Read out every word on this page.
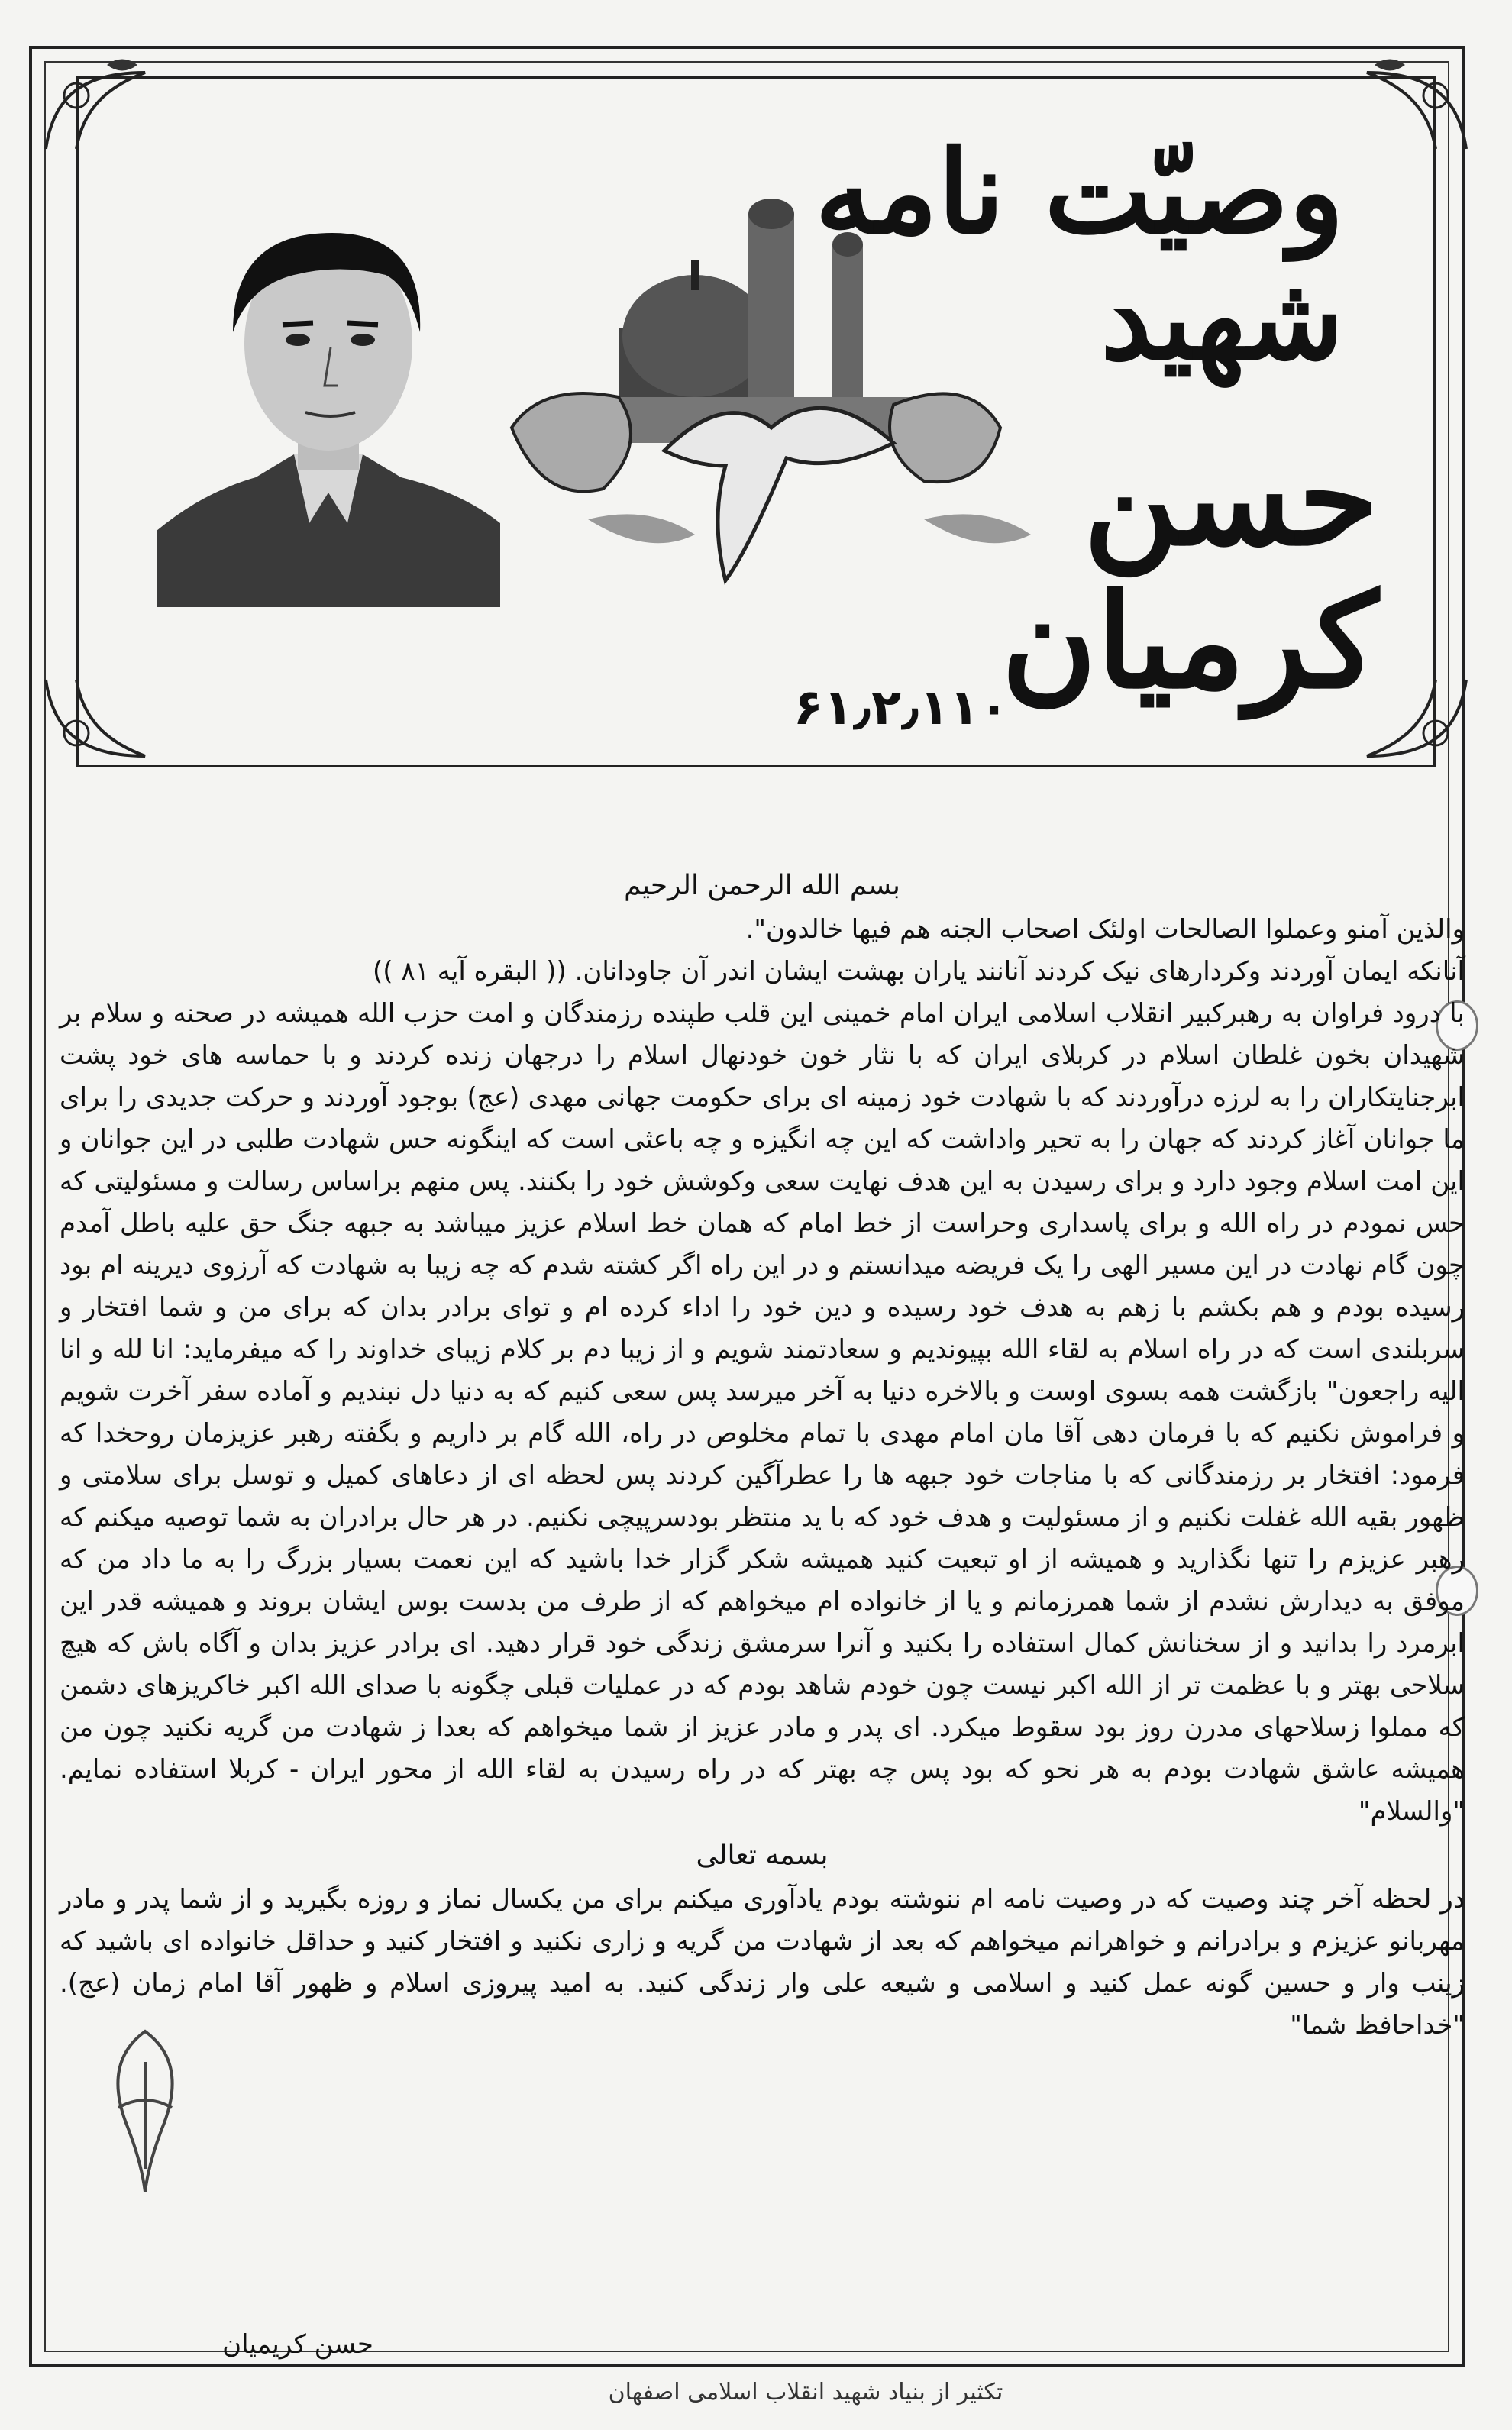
وصیّت نامه شهید
حسن کرمیان
۶۱٫۲٫۱۱۰

بسم الله الرحمن الرحیم

والذین آمنو وعملوا الصالحات اولئک اصحاب الجنه هم فیها خالدون".

آنانکه ایمان آوردند وکردارهای نیک کردند آنانند یاران بهشت ایشان اندر آن جاودانان. (( البقره آیه ۸۱ ))

با درود فراوان به رهبرکبیر انقلاب اسلامی ایران امام خمینی این قلب طپنده رزمندگان و امت حزب الله همیشه در صحنه و سلام بر شهیدان بخون غلطان اسلام در کربلای ایران که با نثار خون خودنهال اسلام را درجهان زنده کردند و با حماسه های خود پشت ابرجنایتکاران را به لرزه درآوردند که با شهادت خود زمینه ای برای حکومت جهانی مهدی (عج) بوجود آوردند و حرکت جدیدی را برای ما جوانان آغاز کردند که جهان را به تحیر واداشت که این چه انگیزه و چه باعثی است که اینگونه حس شهادت طلبی در این جوانان و این امت اسلام وجود دارد و برای رسیدن به این هدف نهایت سعی وکوشش خود را بکنند. پس منهم براساس رسالت و مسئولیتی که حس نمودم در راه الله و برای پاسداری وحراست از خط امام که همان خط اسلام عزیز میباشد به جبهه جنگ حق علیه باطل آمدم چون گام نهادت در این مسیر الهی را یک فریضه میدانستم و در این راه اگر کشته شدم که چه زیبا به شهادت که آرزوی دیرینه ام بود رسیده بودم و هم بکشم با زهم به هدف خود رسیده و دین خود را اداء کرده ام و توای برادر بدان که برای من و شما افتخار و سربلندی است که در راه اسلام به لقاء الله بپیوندیم و سعادتمند شویم و از زیبا دم بر کلام زیبای خداوند را که میفرماید: انا لله و انا الیه راجعون" بازگشت همه بسوی اوست و بالاخره دنیا به آخر میرسد پس سعی کنیم که به دنیا دل نبندیم و آماده سفر آخرت شویم و فراموش نکنیم که با فرمان دهی آقا مان امام مهدی با تمام مخلوص در راه، الله گام بر داریم و بگفته رهبر عزیزمان روحخدا که فرمود: افتخار بر رزمندگانی که با مناجات خود جبهه ها را عطرآگین کردند پس لحظه ای از دعاهای کمیل و توسل برای سلامتی و ظهور بقیه الله غفلت نکنیم و از مسئولیت و هدف خود که با ید منتظر بودسرپیچی نکنیم. در هر حال برادران به شما توصیه میکنم که رهبر عزیزم را تنها نگذارید و همیشه از او تبعیت کنید همیشه شکر گزار خدا باشید که این نعمت بسیار بزرگ را به ما داد من که موفق به دیدارش نشدم از شما همرزمانم و یا از خانواده ام میخواهم که از طرف من بدست بوس ایشان بروند و همیشه قدر این ابرمرد را بدانید و از سخنانش کمال استفاده را بکنید و آنرا سرمشق زندگی خود قرار دهید. ای برادر عزیز بدان و آگاه باش که هیچ سلاحی بهتر و با عظمت تر از الله اکبر نیست چون خودم شاهد بودم که در عملیات قبلی چگونه با صدای الله اکبر خاکریزهای دشمن که مملوا زسلاحهای مدرن روز بود سقوط میکرد. ای پدر و مادر عزیز از شما میخواهم که بعدا ز شهادت من گریه نکنید چون من همیشه عاشق شهادت بودم به هر نحو که بود پس چه بهتر که در راه رسیدن به لقاء الله از محور ایران - کربلا استفاده نمایم. "والسلام"

بسمه تعالی

در لحظه آخر چند وصیت که در وصیت نامه ام ننوشته بودم یادآوری میکنم برای من یکسال نماز و روزه بگیرید و از شما پدر و مادر مهربانو عزیزم و برادرانم و خواهرانم میخواهم که بعد از شهادت من گریه و زاری نکنید و افتخار کنید و حداقل خانواده ای باشید که زینب وار و حسین گونه عمل کنید و اسلامی و شیعه علی وار زندگی کنید. به امید پیروزی اسلام و ظهور آقا امام زمان (عج). "خداحافظ شما"

حسن کریمیان
تکثیر از بنیاد شهید انقلاب اسلامی اصفهان
